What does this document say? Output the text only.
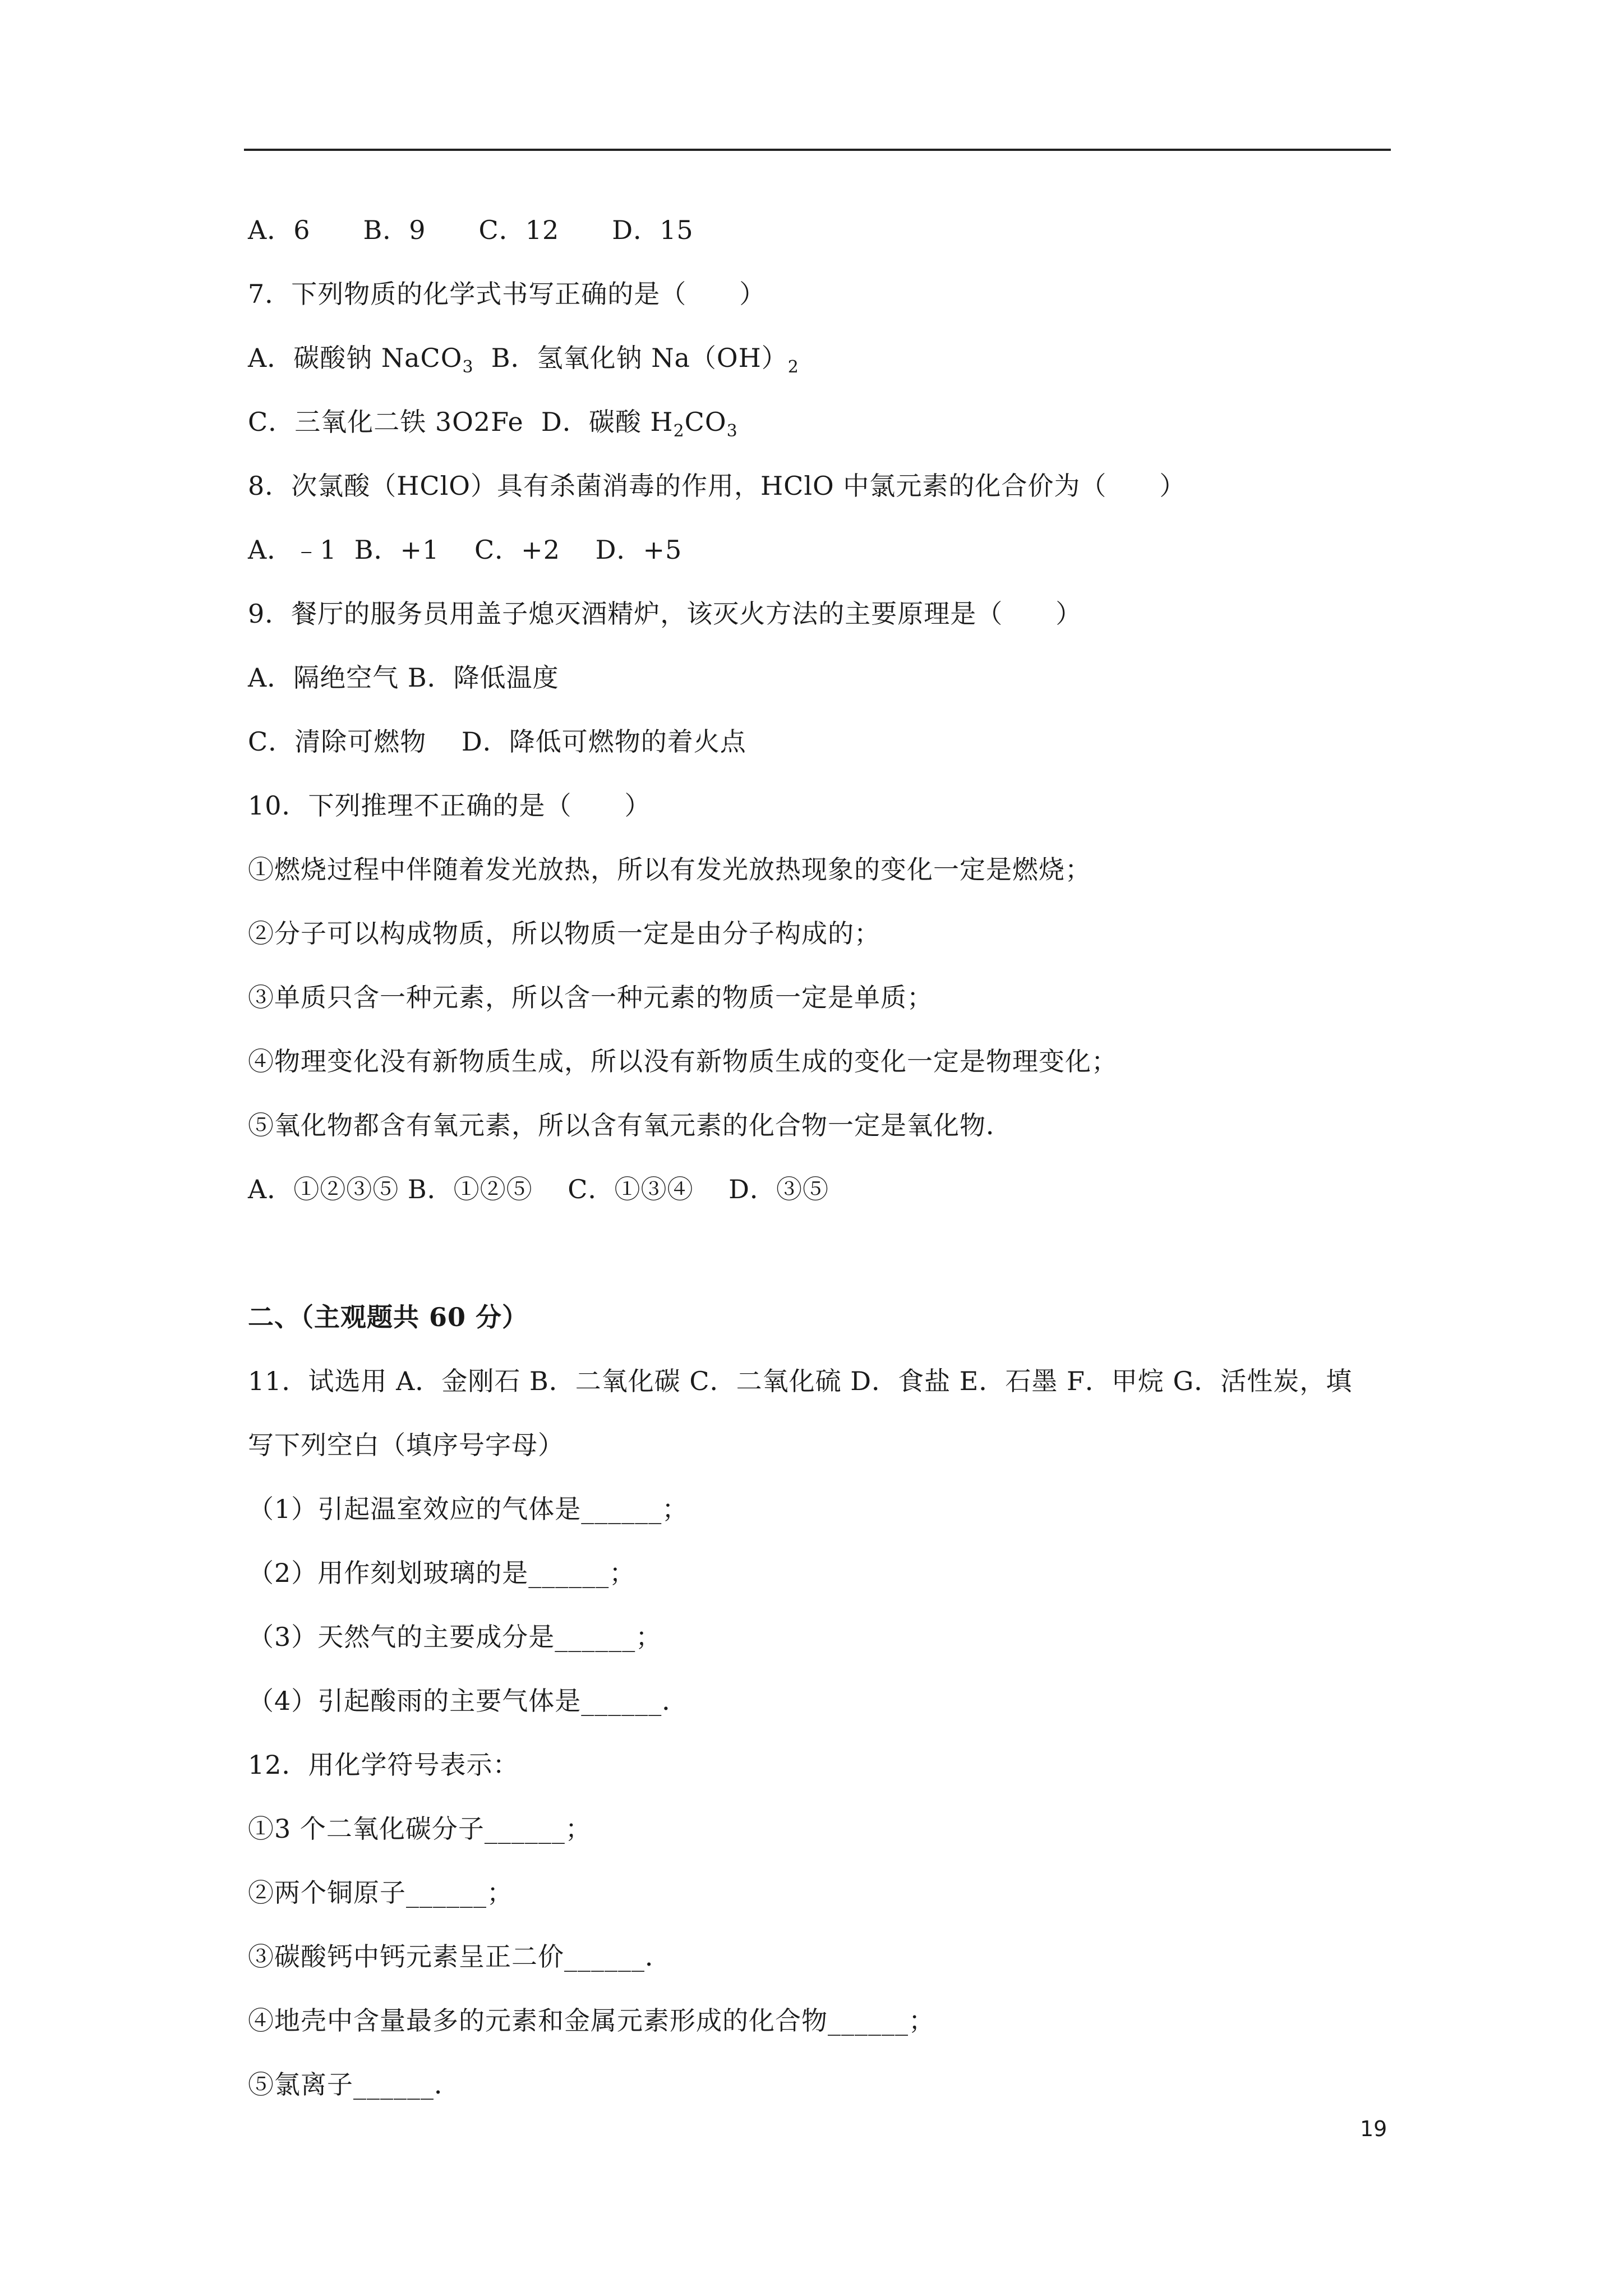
A．6　　B．9　　C．12　　D．15
7．下列物质的化学式书写正确的是（　　）
A．碳酸钠 NaCO$_3$  B．氢氧化钠 $Na(OH)_2$
C．三氧化二铁 3O2Fe  D．碳酸 $H_2CO_3$
8．次氯酸（HClO）具有杀菌消毒的作用，HClO 中氯元素的化合价为（　　）
A．﹣1  B．+1　 C．+2　 D．+5
9．餐厅的服务员用盖子熄灭酒精炉，该灭火方法的主要原理是（　　）
A．隔绝空气 B．降低温度
C．清除可燃物　 D．降低可燃物的着火点
10．下列推理不正确的是（　　）
①燃烧过程中伴随着发光放热，所以有发光放热现象的变化一定是燃烧；
②分子可以构成物质，所以物质一定是由分子构成的；
③单质只含一种元素，所以含一种元素的物质一定是单质；
④物理变化没有新物质生成，所以没有新物质生成的变化一定是物理变化；
⑤氧化物都含有氧元素，所以含有氧元素的化合物一定是氧化物．
A．①②③⑤ B．①②⑤　 C．①③④　 D．③⑤
二、（主观题共 60 分）
11．试选用 A．金刚石 B．二氧化碳 C．二氧化硫 D．食盐 E．石墨 F．甲烷 G．活性炭，填
写下列空白（填序号字母）
（1）引起温室效应的气体是______；
（2）用作刻划玻璃的是______；
（3）天然气的主要成分是______；
（4）引起酸雨的主要气体是______．
12．用化学符号表示：
①3 个二氧化碳分子______；
②两个铜原子______；
③碳酸钙中钙元素呈正二价______．
④地壳中含量最多的元素和金属元素形成的化合物______；
⑤氯离子______．
19
